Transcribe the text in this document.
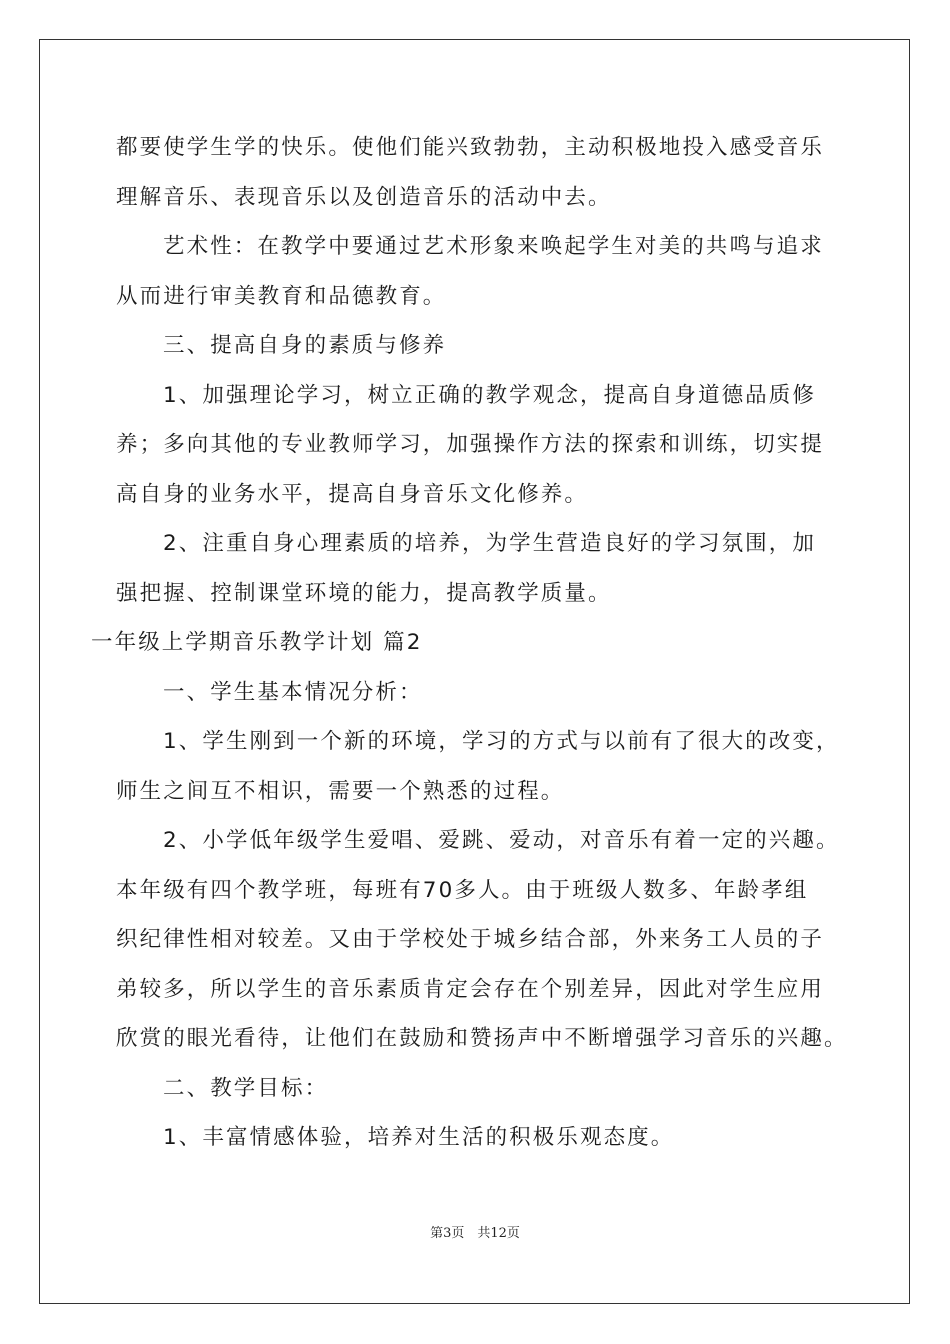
都要使学生学的快乐。使他们能兴致勃勃，主动积极地投入感受音乐
理解音乐、表现音乐以及创造音乐的活动中去。
艺术性：在教学中要通过艺术形象来唤起学生对美的共鸣与追求
从而进行审美教育和品德教育。
三、提高自身的素质与修养
1、加强理论学习，树立正确的教学观念，提高自身道德品质修
养；多向其他的专业教师学习，加强操作方法的探索和训练，切实提
高自身的业务水平，提高自身音乐文化修养。
2、注重自身心理素质的培养，为学生营造良好的学习氛围，加
强把握、控制课堂环境的能力，提高教学质量。
一年级上学期音乐教学计划 篇2
一、学生基本情况分析：
1、学生刚到一个新的环境，学习的方式与以前有了很大的改变，
师生之间互不相识，需要一个熟悉的过程。
2、小学低年级学生爱唱、爱跳、爱动，对音乐有着一定的兴趣。
本年级有四个教学班，每班有70多人。由于班级人数多、年龄孝组
织纪律性相对较差。又由于学校处于城乡结合部，外来务工人员的子
弟较多，所以学生的音乐素质肯定会存在个别差异，因此对学生应用
欣赏的眼光看待，让他们在鼓励和赞扬声中不断增强学习音乐的兴趣。
二、教学目标：
1、丰富情感体验，培养对生活的积极乐观态度。
第3页　共12页
